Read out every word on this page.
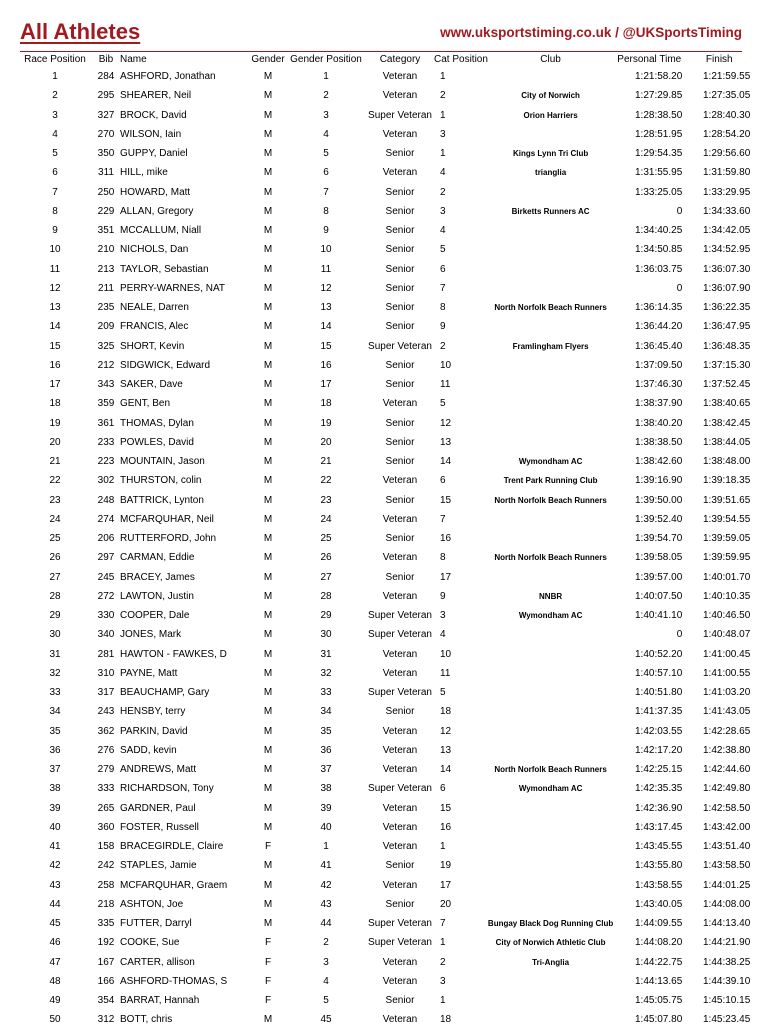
All Athletes	www.uksportstiming.co.uk / @UKSportsTiming
Race Position	Bib	Name	Gender	Gender Position	Category	Cat Position	Club	Personal Time	Finish
1	284	ASHFORD, Jonathan	M	1	Veteran	1		1:21:58.20	1:21:59.55
2	295	SHEARER, Neil	M	2	Veteran	2	City of Norwich	1:27:29.85	1:27:35.05
3	327	BROCK, David	M	3	Super Veteran	1	Orion Harriers	1:28:38.50	1:28:40.30
4	270	WILSON, Iain	M	4	Veteran	3		1:28:51.95	1:28:54.20
5	350	GUPPY, Daniel	M	5	Senior	1	Kings Lynn Tri Club	1:29:54.35	1:29:56.60
6	311	HILL, mike	M	6	Veteran	4	trianglia	1:31:55.95	1:31:59.80
7	250	HOWARD, Matt	M	7	Senior	2		1:33:25.05	1:33:29.95
8	229	ALLAN, Gregory	M	8	Senior	3	Birketts Runners AC	0	1:34:33.60
9	351	MCCALLUM, Niall	M	9	Senior	4		1:34:40.25	1:34:42.05
10	210	NICHOLS, Dan	M	10	Senior	5		1:34:50.85	1:34:52.95
11	213	TAYLOR, Sebastian	M	11	Senior	6		1:36:03.75	1:36:07.30
12	211	PERRY-WARNES, NAT	M	12	Senior	7		0	1:36:07.90
13	235	NEALE, Darren	M	13	Senior	8	North Norfolk Beach Runners	1:36:14.35	1:36:22.35
14	209	FRANCIS, Alec	M	14	Senior	9		1:36:44.20	1:36:47.95
15	325	SHORT, Kevin	M	15	Super Veteran	2	Framlingham Flyers	1:36:45.40	1:36:48.35
16	212	SIDGWICK, Edward	M	16	Senior	10		1:37:09.50	1:37:15.30
17	343	SAKER, Dave	M	17	Senior	11		1:37:46.30	1:37:52.45
18	359	GENT, Ben	M	18	Veteran	5		1:38:37.90	1:38:40.65
19	361	THOMAS, Dylan	M	19	Senior	12		1:38:40.20	1:38:42.45
20	233	POWLES, David	M	20	Senior	13		1:38:38.50	1:38:44.05
21	223	MOUNTAIN, Jason	M	21	Senior	14	Wymondham AC	1:38:42.60	1:38:48.00
22	302	THURSTON, colin	M	22	Veteran	6	Trent Park Running Club	1:39:16.90	1:39:18.35
23	248	BATTRICK, Lynton	M	23	Senior	15	North Norfolk Beach Runners	1:39:50.00	1:39:51.65
24	274	MCFARQUHAR, Neil	M	24	Veteran	7		1:39:52.40	1:39:54.55
25	206	RUTTERFORD, John	M	25	Senior	16		1:39:54.70	1:39:59.05
26	297	CARMAN, Eddie	M	26	Veteran	8	North Norfolk Beach Runners	1:39:58.05	1:39:59.95
27	245	BRACEY, James	M	27	Senior	17		1:39:57.00	1:40:01.70
28	272	LAWTON, Justin	M	28	Veteran	9	NNBR	1:40:07.50	1:40:10.35
29	330	COOPER, Dale	M	29	Super Veteran	3	Wymondham AC	1:40:41.10	1:40:46.50
30	340	JONES, Mark	M	30	Super Veteran	4		0	1:40:48.07
31	281	HAWTON - FAWKES, D	M	31	Veteran	10		1:40:52.20	1:41:00.45
32	310	PAYNE, Matt	M	32	Veteran	11		1:40:57.10	1:41:00.55
33	317	BEAUCHAMP, Gary	M	33	Super Veteran	5		1:40:51.80	1:41:03.20
34	243	HENSBY, terry	M	34	Senior	18		1:41:37.35	1:41:43.05
35	362	PARKIN, David	M	35	Veteran	12		1:42:03.55	1:42:28.65
36	276	SADD, kevin	M	36	Veteran	13		1:42:17.20	1:42:38.80
37	279	ANDREWS, Matt	M	37	Veteran	14	North Norfolk Beach Runners	1:42:25.15	1:42:44.60
38	333	RICHARDSON, Tony	M	38	Super Veteran	6	Wymondham AC	1:42:35.35	1:42:49.80
39	265	GARDNER, Paul	M	39	Veteran	15		1:42:36.90	1:42:58.50
40	360	FOSTER, Russell	M	40	Veteran	16		1:43:17.45	1:43:42.00
41	158	BRACEGIRDLE, Claire	F	1	Veteran	1		1:43:45.55	1:43:51.40
42	242	STAPLES, Jamie	M	41	Senior	19		1:43:55.80	1:43:58.50
43	258	MCFARQUHAR, Graem	M	42	Veteran	17		1:43:58.55	1:44:01.25
44	218	ASHTON, Joe	M	43	Senior	20		1:43:40.05	1:44:08.00
45	335	FUTTER, Darryl	M	44	Super Veteran	7	Bungay Black Dog Running Club	1:44:09.55	1:44:13.40
46	192	COOKE, Sue	F	2	Super Veteran	1	City of Norwich Athletic Club	1:44:08.20	1:44:21.90
47	167	CARTER, allison	F	3	Veteran	2	Tri-Anglia	1:44:22.75	1:44:38.25
48	166	ASHFORD-THOMAS, S	F	4	Veteran	3		1:44:13.65	1:44:39.10
49	354	BARRAT, Hannah	F	5	Senior	1		1:45:05.75	1:45:10.15
50	312	BOTT, chris	M	45	Veteran	18		1:45:07.80	1:45:23.45
